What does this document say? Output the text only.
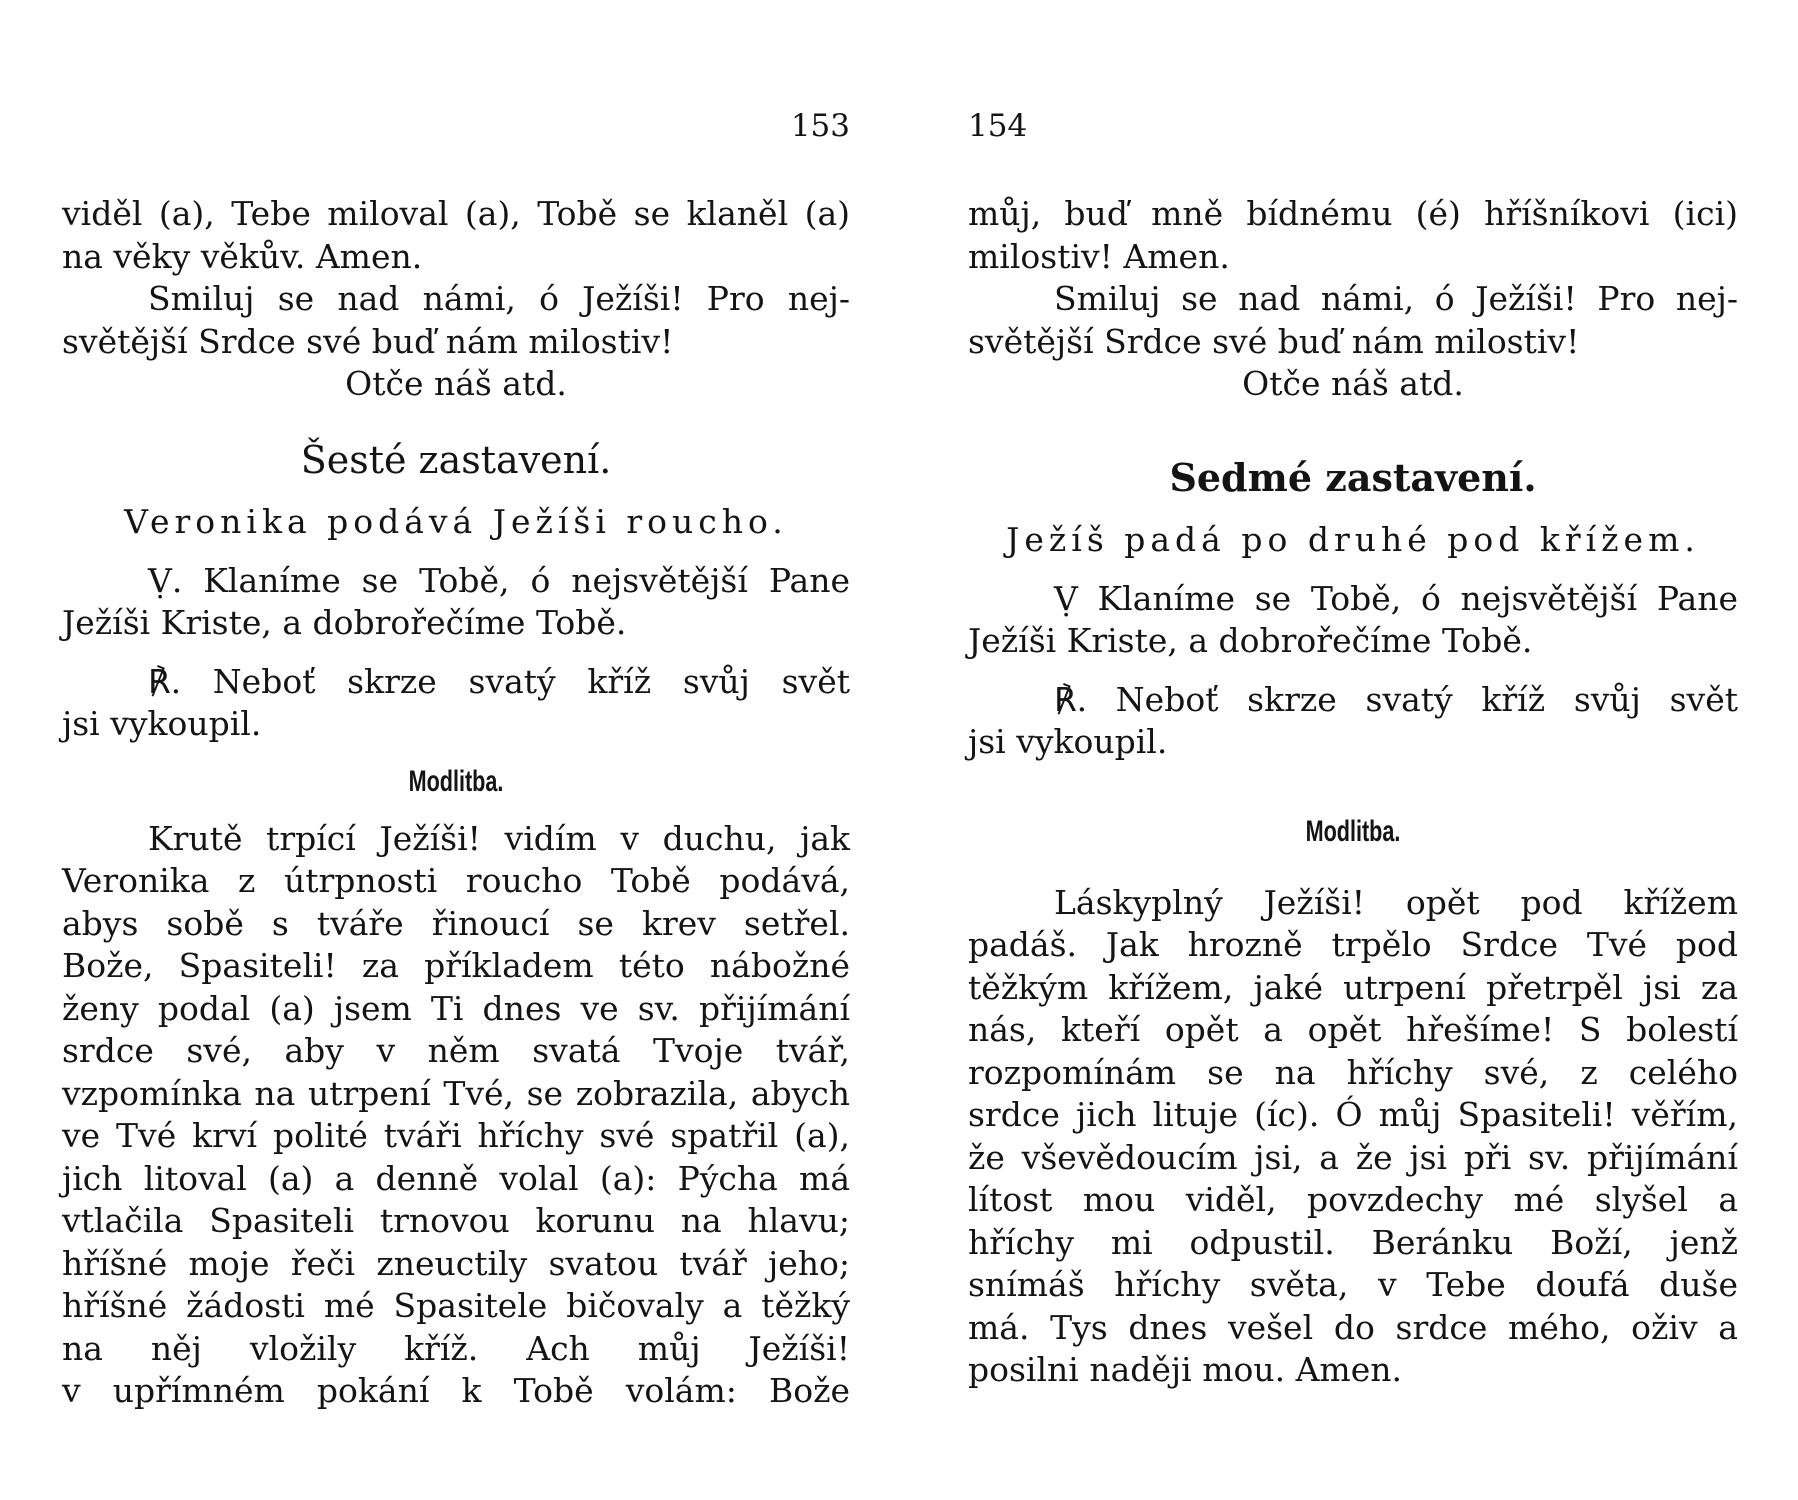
153
viděl (a), Tebe miloval (a), Tobě se klaněl (a)
na věky věkův. Amen.
Smiluj se nad námi, ó Ježíši! Pro nej-
světější Srdce své buď nám milostiv!
Otče náš atd.
Šesté zastavení.
Veronika podává Ježíši roucho.
Ṿ. Klaníme se Tobě, ó nejsvětější Pane
Ježíši Kriste, a dobrořečíme Tobě.
℟. Neboť skrze svatý kříž svůj svět
jsi vykoupil.
Modlitba.
Krutě trpící Ježíši! vidím v duchu, jak
Veronika z útrpnosti roucho Tobě podává,
abys sobě s tváře řinoucí se krev setřel.
Bože, Spasiteli! za příkladem této nábožné
ženy podal (a) jsem Ti dnes ve sv. přijímání
srdce své, aby v něm svatá Tvoje tvář,
vzpomínka na utrpení Tvé, se zobrazila, abych
ve Tvé krví polité tváři hříchy své spatřil (a),
jich litoval (a) a denně volal (a): Pýcha má
vtlačila Spasiteli trnovou korunu na hlavu;
hříšné moje řeči zneuctily svatou tvář jeho;
hříšné žádosti mé Spasitele bičovaly a těžký
na něj vložily kříž. Ach můj Ježíši!
v upřímném pokání k Tobě volám: Bože
154
můj, buď mně bídnému (é) hříšníkovi (ici)
milostiv! Amen.
Smiluj se nad námi, ó Ježíši! Pro nej-
světější Srdce své buď nám milostiv!
Otče náš atd.
Sedmé zastavení.
Ježíš padá po druhé pod křížem.
Ṿ Klaníme se Tobě, ó nejsvětější Pane
Ježíši Kriste, a dobrořečíme Tobě.
℟. Neboť skrze svatý kříž svůj svět
jsi vykoupil.
Modlitba.
Láskyplný Ježíši! opět pod křížem
padáš. Jak hrozně trpělo Srdce Tvé pod
těžkým křížem, jaké utrpení přetrpěl jsi za
nás, kteří opět a opět hřešíme! S bolestí
rozpomínám se na hříchy své, z celého
srdce jich lituje (íc). Ó můj Spasiteli! věřím,
že vševědoucím jsi, a že jsi při sv. přijímání
lítost mou viděl, povzdechy mé slyšel a
hříchy mi odpustil. Beránku Boží, jenž
snímáš hříchy světa, v Tebe doufá duše
má. Tys dnes vešel do srdce mého, oživ a
posilni naději mou. Amen.
